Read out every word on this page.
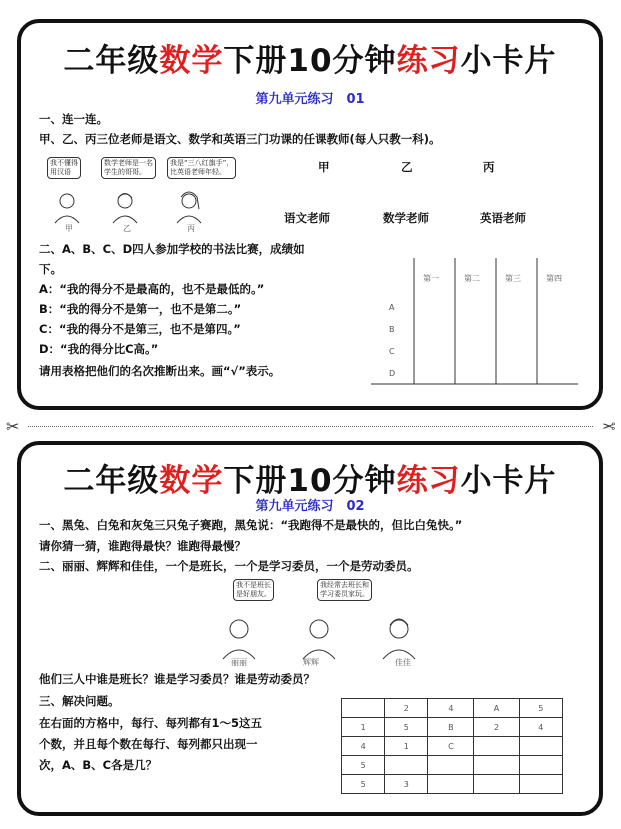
二年级数学下册10分钟练习小卡片
第九单元练习　01
一、连一连。
甲、乙、丙三位老师是语文、数学和英语三门功课的任课教师(每人只教一科)。
我不懂得
用汉语
数学老师是一名
学生的哥哥。
我是“三八红旗手”，
比英语老师年轻。
甲	乙	丙
甲	乙	丙
语文老师	数学老师	英语老师
二、A、B、C、D四人参加学校的书法比赛，成绩如
下。
A：“我的得分不是最高的，也不是最低的。”
B：“我的得分不是第一，也不是第二。”
C：“我的得分不是第三，也不是第四。”
D：“我的得分比C高。”
请用表格把他们的名次推断出来。画“√”表示。
第一	第二	第三	第四
A
B
C
D
✂	✂
二年级数学下册10分钟练习小卡片
第九单元练习　02
一、黑兔、白兔和灰兔三只兔子赛跑，黑兔说：“我跑得不是最快的，但比白兔快。”
请你猜一猜，谁跑得最快？谁跑得最慢？
二、丽丽、辉辉和佳佳，一个是班长，一个是学习委员，一个是劳动委员。
我不是班长
是好朋友。
我经常去班长和
学习委员家玩。
丽丽	辉辉	佳佳
他们三人中谁是班长？谁是学习委员？谁是劳动委员？
三、解决问题。
在右面的方格中，每行、每列都有1～5这五
个数，并且每个数在每行、每列都只出现一
次，A、B、C各是几？
	2	4	A	5
1	5	B	2	4
4	1	C		
5				
5	3			
